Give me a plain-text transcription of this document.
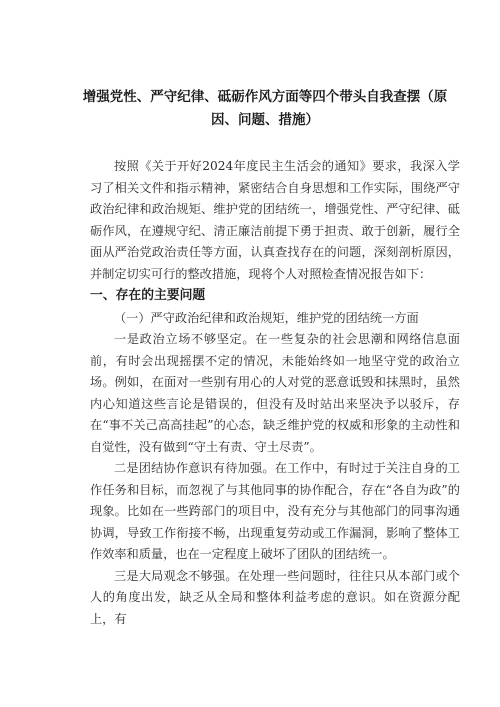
增强党性、严守纪律、砥砺作风方面等四个带头自我查摆（原因、问题、措施）

按照《关于开好2024年度民主生活会的通知》要求，我深入学习了相关文件和指示精神，紧密结合自身思想和工作实际，围绕严守政治纪律和政治规矩、维护党的团结统一，增强党性、严守纪律、砥砺作风，在遵规守纪、清正廉洁前提下勇于担责、敢于创新，履行全面从严治党政治责任等方面，认真查找存在的问题，深刻剖析原因，并制定切实可行的整改措施，现将个人对照检查情况报告如下：

一、存在的主要问题

（一）严守政治纪律和政治规矩，维护党的团结统一方面

一是政治立场不够坚定。在一些复杂的社会思潮和网络信息面前，有时会出现摇摆不定的情况，未能始终如一地坚守党的政治立场。例如，在面对一些别有用心的人对党的恶意诋毁和抹黑时，虽然内心知道这些言论是错误的，但没有及时站出来坚决予以驳斥，存在“事不关己高高挂起”的心态，缺乏维护党的权威和形象的主动性和自觉性，没有做到“守土有责、守土尽责”。

二是团结协作意识有待加强。在工作中，有时过于关注自身的工作任务和目标，而忽视了与其他同事的协作配合，存在“各自为政”的现象。比如在一些跨部门的项目中，没有充分与其他部门的同事沟通协调，导致工作衔接不畅，出现重复劳动或工作漏洞，影响了整体工作效率和质量，也在一定程度上破坏了团队的团结统一。

三是大局观念不够强。在处理一些问题时，往往只从本部门或个人的角度出发，缺乏从全局和整体利益考虑的意识。如在资源分配上，有
